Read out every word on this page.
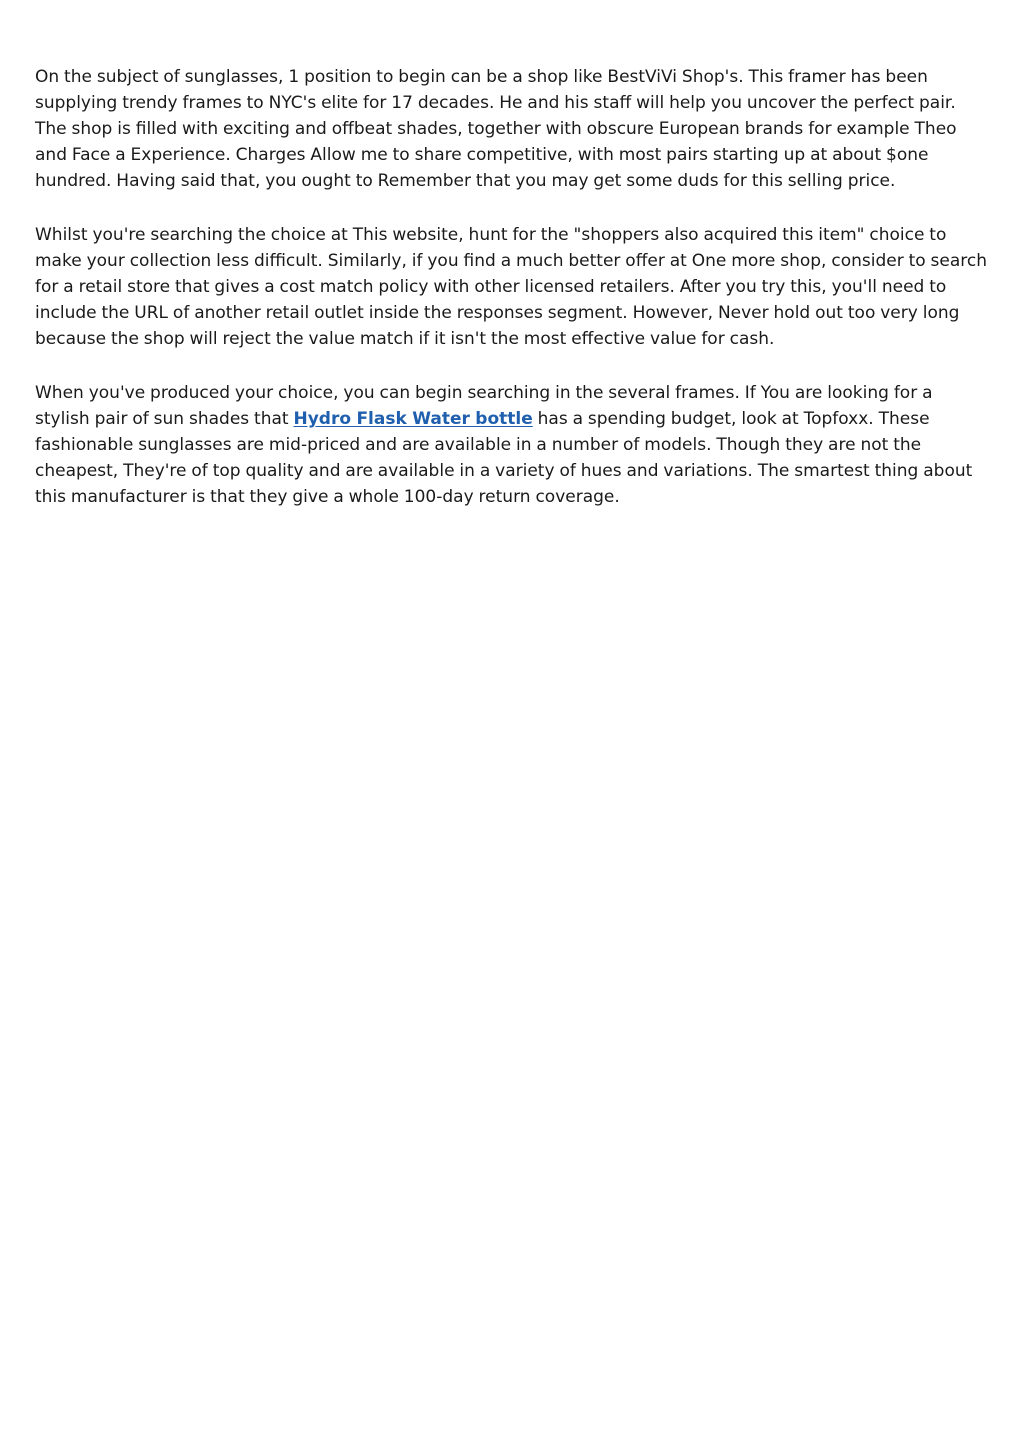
On the subject of sunglasses, 1 position to begin can be a shop like BestViVi Shop's. This framer has been supplying trendy frames to NYC's elite for 17 decades. He and his staff will help you uncover the perfect pair. The shop is filled with exciting and offbeat shades, together with obscure European brands for example Theo and Face a Experience. Charges Allow me to share competitive, with most pairs starting up at about $one hundred. Having said that, you ought to Remember that you may get some duds for this selling price.

Whilst you're searching the choice at This website, hunt for the "shoppers also acquired this item" choice to make your collection less difficult. Similarly, if you find a much better offer at One more shop, consider to search for a retail store that gives a cost match policy with other licensed retailers. After you try this, you'll need to include the URL of another retail outlet inside the responses segment. However, Never hold out too very long because the shop will reject the value match if it isn't the most effective value for cash.

When you've produced your choice, you can begin searching in the several frames. If You are looking for a stylish pair of sun shades that Hydro Flask Water bottle has a spending budget, look at Topfoxx. These fashionable sunglasses are mid-priced and are available in a number of models. Though they are not the cheapest, They're of top quality and are available in a variety of hues and variations. The smartest thing about this manufacturer is that they give a whole 100-day return coverage.
